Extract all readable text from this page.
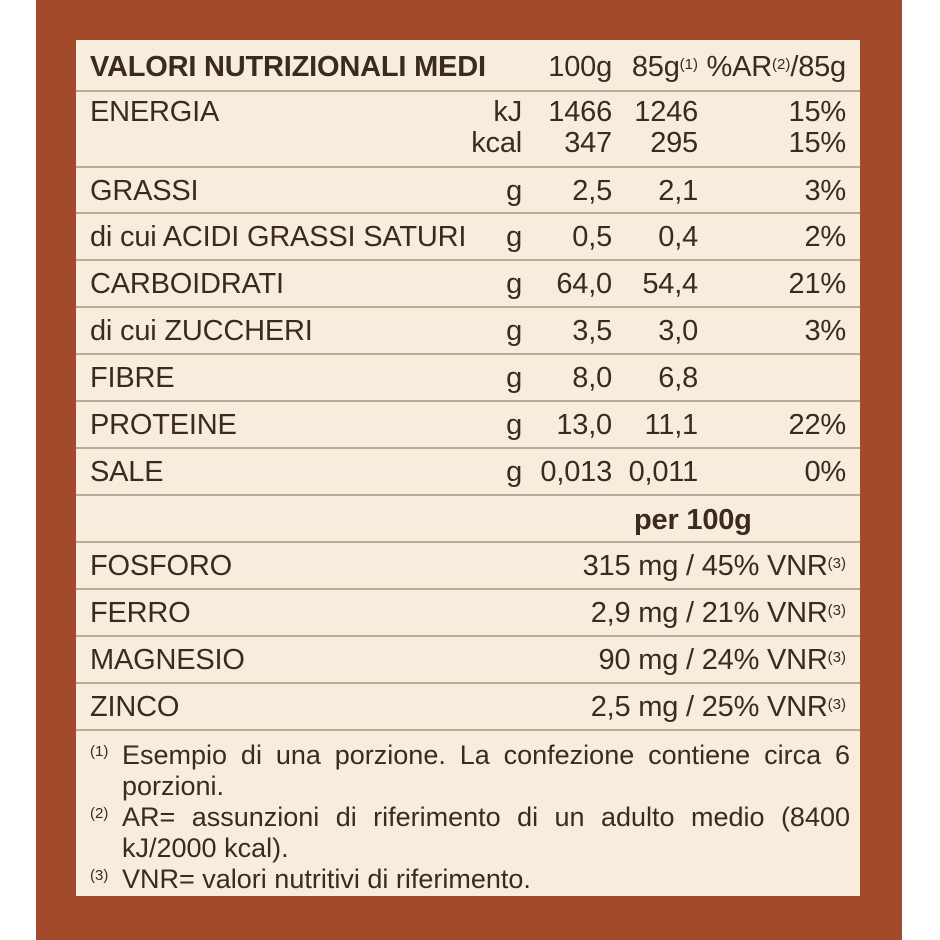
VALORI NUTRIZIONALI MEDI 100g $85g^{(1)}$ %AR$^{(2)}$/85g
ENERGIA	kJ 1466 1246	15%
kcal 347 295	15%
GRASSI	g 2,5 2,1	3%
di cui ACIDI GRASSI SATURI g 0,5 0,4	2%
CARBOIDRATI	g 64,0 54,4	21%
di cui ZUCCHERI	g 3,5 3,0	3%
FIBRE	g 8,0 6,8
PROTEINE	g 13,0 11,1	22%
SALE	g 0,013 0,011	0%
per 100g
FOSFORO	315 mg / 45% VNR$^{(3)}$
FERRO	2,9 mg / 21% VNR$^{(3)}$
MAGNESIO	90 mg / 24% VNR$^{(3)}$
ZINCO	2,5 mg / 25% VNR$^{(3)}$
(1) Esempio di una porzione. La confezione contiene circa 6 porzioni.
(2) AR= assunzioni di riferimento di un adulto medio (8400 kJ/2000 kcal).
(3) VNR= valori nutritivi di riferimento.
